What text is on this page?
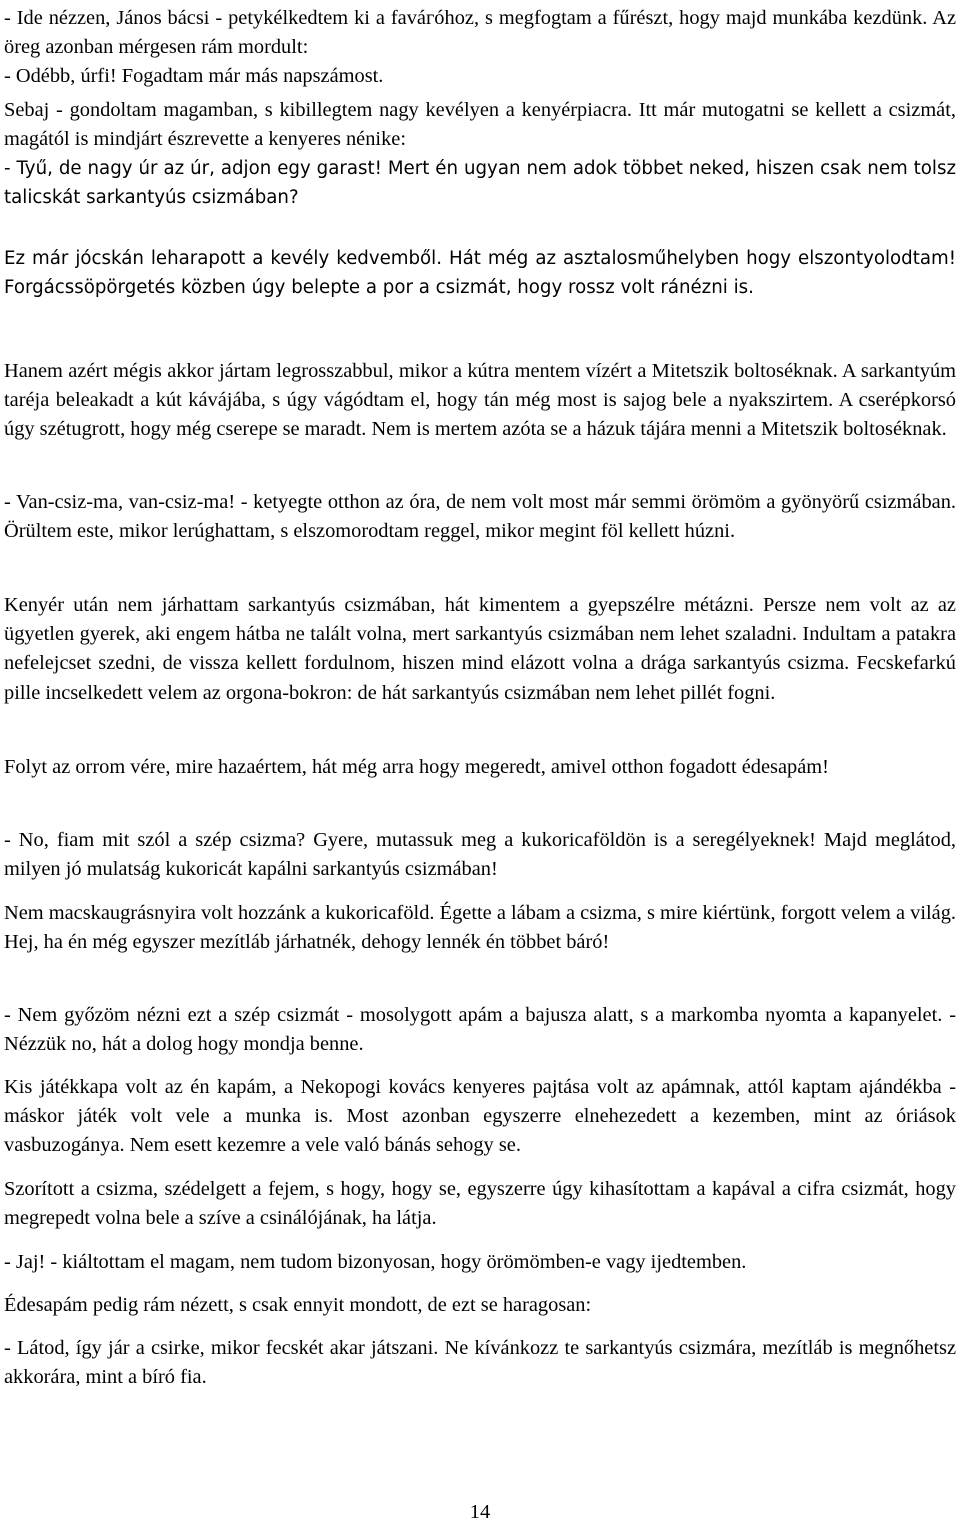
- Ide nézzen, János bácsi - petykélkedtem ki a faváгóhoz, s megfogtam a fűrészt, hogy majd munkába kezdünk. Az öreg azonban mérgesen rám mordult:

- Odébb, úrfi! Fogadtam már más napszámost.

Sebaj - gondoltam magamban, s kibillegtem nagy kevélyen a kenyérpiacra. Itt már mutogatni se kellett a csizmát, magától is mindjárt észrevette a kenyeres nénike:

- Tyű, de nagy úr az úr, adjon egy garast! Mert én ugyan nem adok többet neked, hiszen csak nem tolsz talicskát sarkantyús csizmában?

Ez már jócskán leharapott a kevély kedvemből. Hát még az asztalosműhelyben hogy elszontyolodtam! Forgácssöpörgetés közben úgy belepte a por a csizmát, hogy rossz volt ránézni is.

Hanem azért mégis akkor jártam legrosszabbul, mikor a kútra mentem vízért a Mitetszik boltoséknak. A sarkantyúm taréja beleakadt a kút káváјába, s úgy vágódtam el, hogy tán még most is sajog bele a nyakszirtem. A cserépkorsó úgy szétugrott, hogy még cserepe se maradt. Nem is mertem azóta se a házuk tájára menni a Mitetszik boltoséknak.

- Van-csiz-ma, van-csiz-ma! - ketyegte otthon az óra, de nem volt most már semmi örömöm a gyönyörű csizmában. Örültem este, mikor lerúghattam, s elszomorodtam reggel, mikor megint föl kellett húzni.

Kenyér után nem járhattam sarkantyús csizmában, hát kimentem a gyepszélre métázni. Persze nem volt az az ügyetlen gyerek, aki engem hátba ne talált volna, mert sarkantyús csizmában nem lehet szaladni. Indultam a patakra nefelejcset szedni, de vissza kellett fordulnom, hiszen mind elázott volna a drága sarkantyús csizma. Fecskefarkú pille incselkedett velem az orgona-bokron: de hát sarkantyús csizmában nem lehet pillét fogni.

Folyt az orrom vére, mire hazaértem, hát még arra hogy megeredt, amivel otthon fogadott édesapám!

- No, fiam mit szól a szép csizma? Gyere, mutassuk meg a kukoricaföldön is a seregélyeknek! Majd meglátod, milyen jó mulatság kukoricát kapálni sarkantyús csizmában!

Nem macskaugrásnyira volt hozzánk a kukoricaföld. Égette a lábam a csizma, s mire kiértünk, forgott velem a világ. Hej, ha én még egyszer mezítláb járhatnék, dehogy lennék én többet báró!

- Nem győzöm nézni ezt a szép csizmát - mosolygott apám a bajusza alatt, s a markomba nyomta a kapanyelet. - Nézzük no, hát a dolog hogy mondja benne.

Kis játékkapa volt az én kapám, a Nekopogi kovács kenyeres pajtása volt az apámnak, attól kaptam ajándékba - máskor játék volt vele a munka is. Most azonban egyszerre elnehezedett a kezemben, mint az óriások vasbuzogánya. Nem esett kezemre a vele való bánás sehogy se.

Szorított a csizma, szédelgett a fejem, s hogy, hogy se, egyszerre úgy kihasítottam a kapával a cifra csizmát, hogy megrepedt volna bele a szíve a csinálójának, ha látja.

- Jaj! - kiáltottam el magam, nem tudom bizonyosan, hogy örömömben-e vagy ijedtemben.

Édesapám pedig rám nézett, s csak ennyit mondott, de ezt se haragosan:

- Látod, így jár a csirke, mikor fecskét akar játszani. Ne kívánkozz te sarkantyús csizmára, mezítláb is megnőhetsz akkorára, mint a bíró fia.

14
